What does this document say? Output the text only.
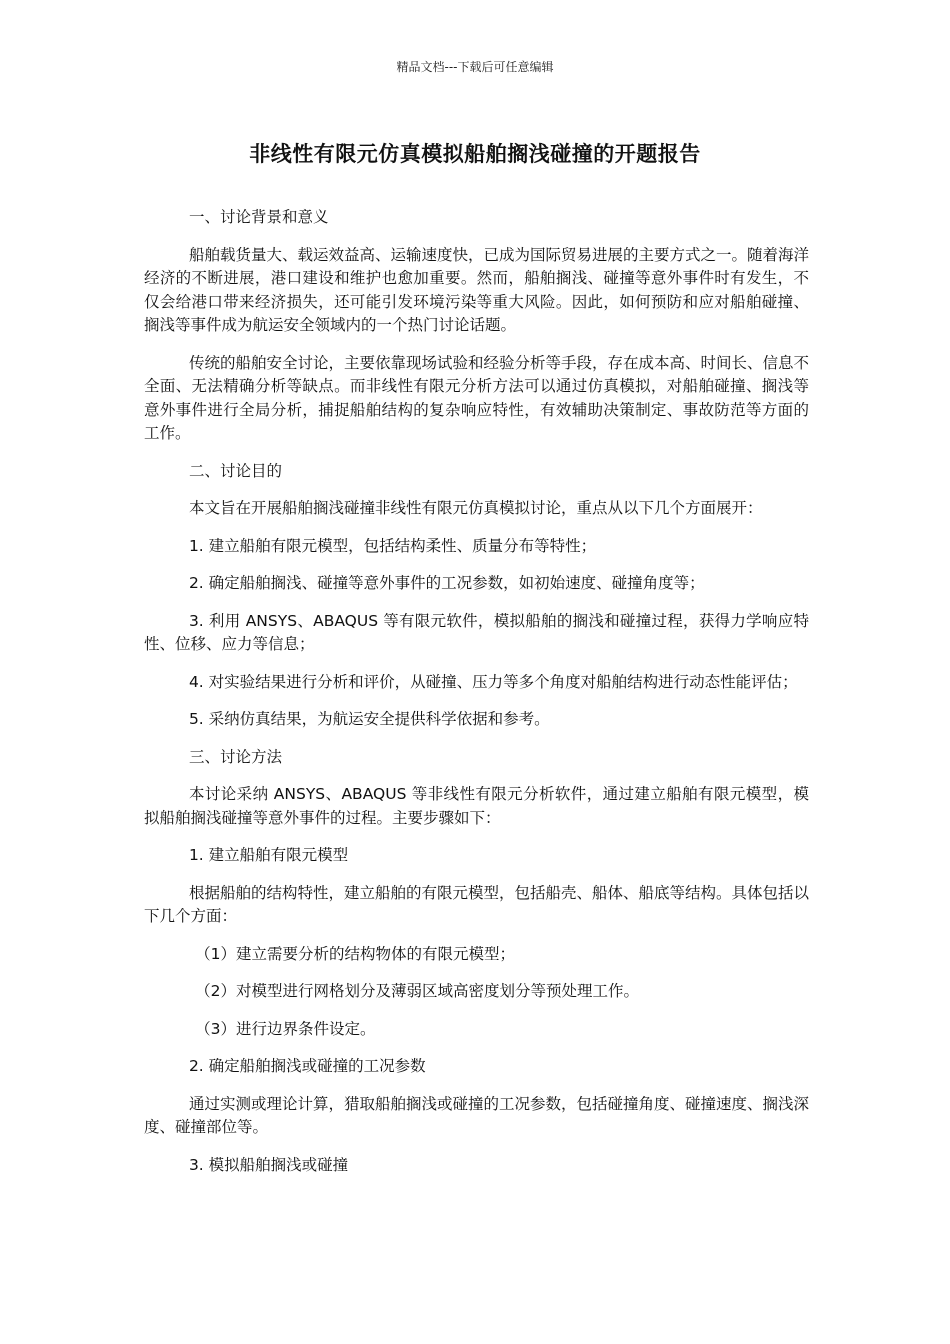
精品文档---下载后可任意编辑
非线性有限元仿真模拟船舶搁浅碰撞的开题报告

一、讨论背景和意义

船舶载货量大、载运效益高、运输速度快，已成为国际贸易进展的主要方式之一。随着海洋经济的不断进展，港口建设和维护也愈加重要。然而，船舶搁浅、碰撞等意外事件时有发生，不仅会给港口带来经济损失，还可能引发环境污染等重大风险。因此，如何预防和应对船舶碰撞、搁浅等事件成为航运安全领域内的一个热门讨论话题。

传统的船舶安全讨论，主要依靠现场试验和经验分析等手段，存在成本高、时间长、信息不全面、无法精确分析等缺点。而非线性有限元分析方法可以通过仿真模拟，对船舶碰撞、搁浅等意外事件进行全局分析，捕捉船舶结构的复杂响应特性，有效辅助决策制定、事故防范等方面的工作。

二、讨论目的

本文旨在开展船舶搁浅碰撞非线性有限元仿真模拟讨论，重点从以下几个方面展开：

1. 建立船舶有限元模型，包括结构柔性、质量分布等特性；

2. 确定船舶搁浅、碰撞等意外事件的工况参数，如初始速度、碰撞角度等；

3. 利用 ANSYS、ABAQUS 等有限元软件，模拟船舶的搁浅和碰撞过程，获得力学响应特性、位移、应力等信息；

4. 对实验结果进行分析和评价，从碰撞、压力等多个角度对船舶结构进行动态性能评估；

5. 采纳仿真结果，为航运安全提供科学依据和参考。

三、讨论方法

本讨论采纳 ANSYS、ABAQUS 等非线性有限元分析软件，通过建立船舶有限元模型，模拟船舶搁浅碰撞等意外事件的过程。主要步骤如下：

1. 建立船舶有限元模型

根据船舶的结构特性，建立船舶的有限元模型，包括船壳、船体、船底等结构。具体包括以下几个方面：

（1）建立需要分析的结构物体的有限元模型；

（2）对模型进行网格划分及薄弱区域高密度划分等预处理工作。

（3）进行边界条件设定。

2. 确定船舶搁浅或碰撞的工况参数

通过实测或理论计算，猎取船舶搁浅或碰撞的工况参数，包括碰撞角度、碰撞速度、搁浅深度、碰撞部位等。

3. 模拟船舶搁浅或碰撞
